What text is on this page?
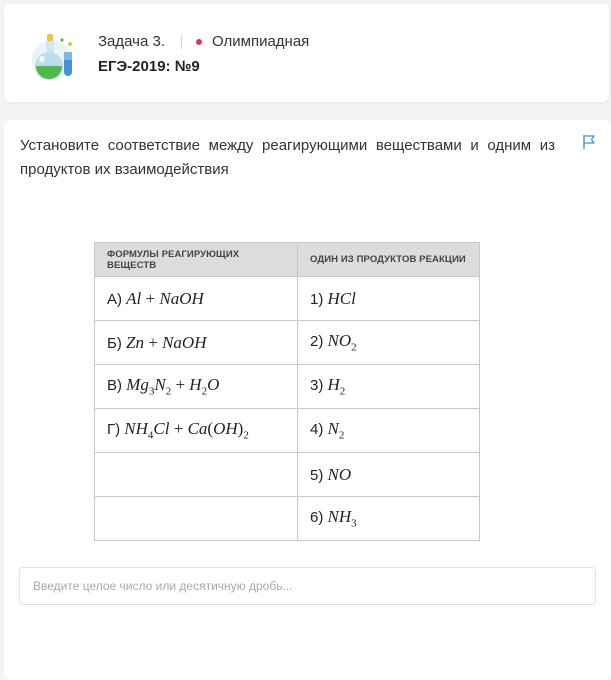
Задача 3.	Олимпиадная
ЕГЭ-2019: №9
Установите соответствие между реагирующими веществами и одним из продуктов их взаимодействия
ФОРМУЛЫ РЕАГИРУЮЩИХ ВЕЩЕСТВ	ОДИН ИЗ ПРОДУКТОВ РЕАКЦИИ
А) Al + NaOH	1) HCl
Б) Zn + NaOH	2) $NO_2$
В) $Mg_3N_2 + H_2O$	3) $H_2$
Г) $NH_4Cl + Ca(OH)_2$	4) $N_2$
	5) NO
	6) $NH_3$
Введите целое число или десятичную дробь...
